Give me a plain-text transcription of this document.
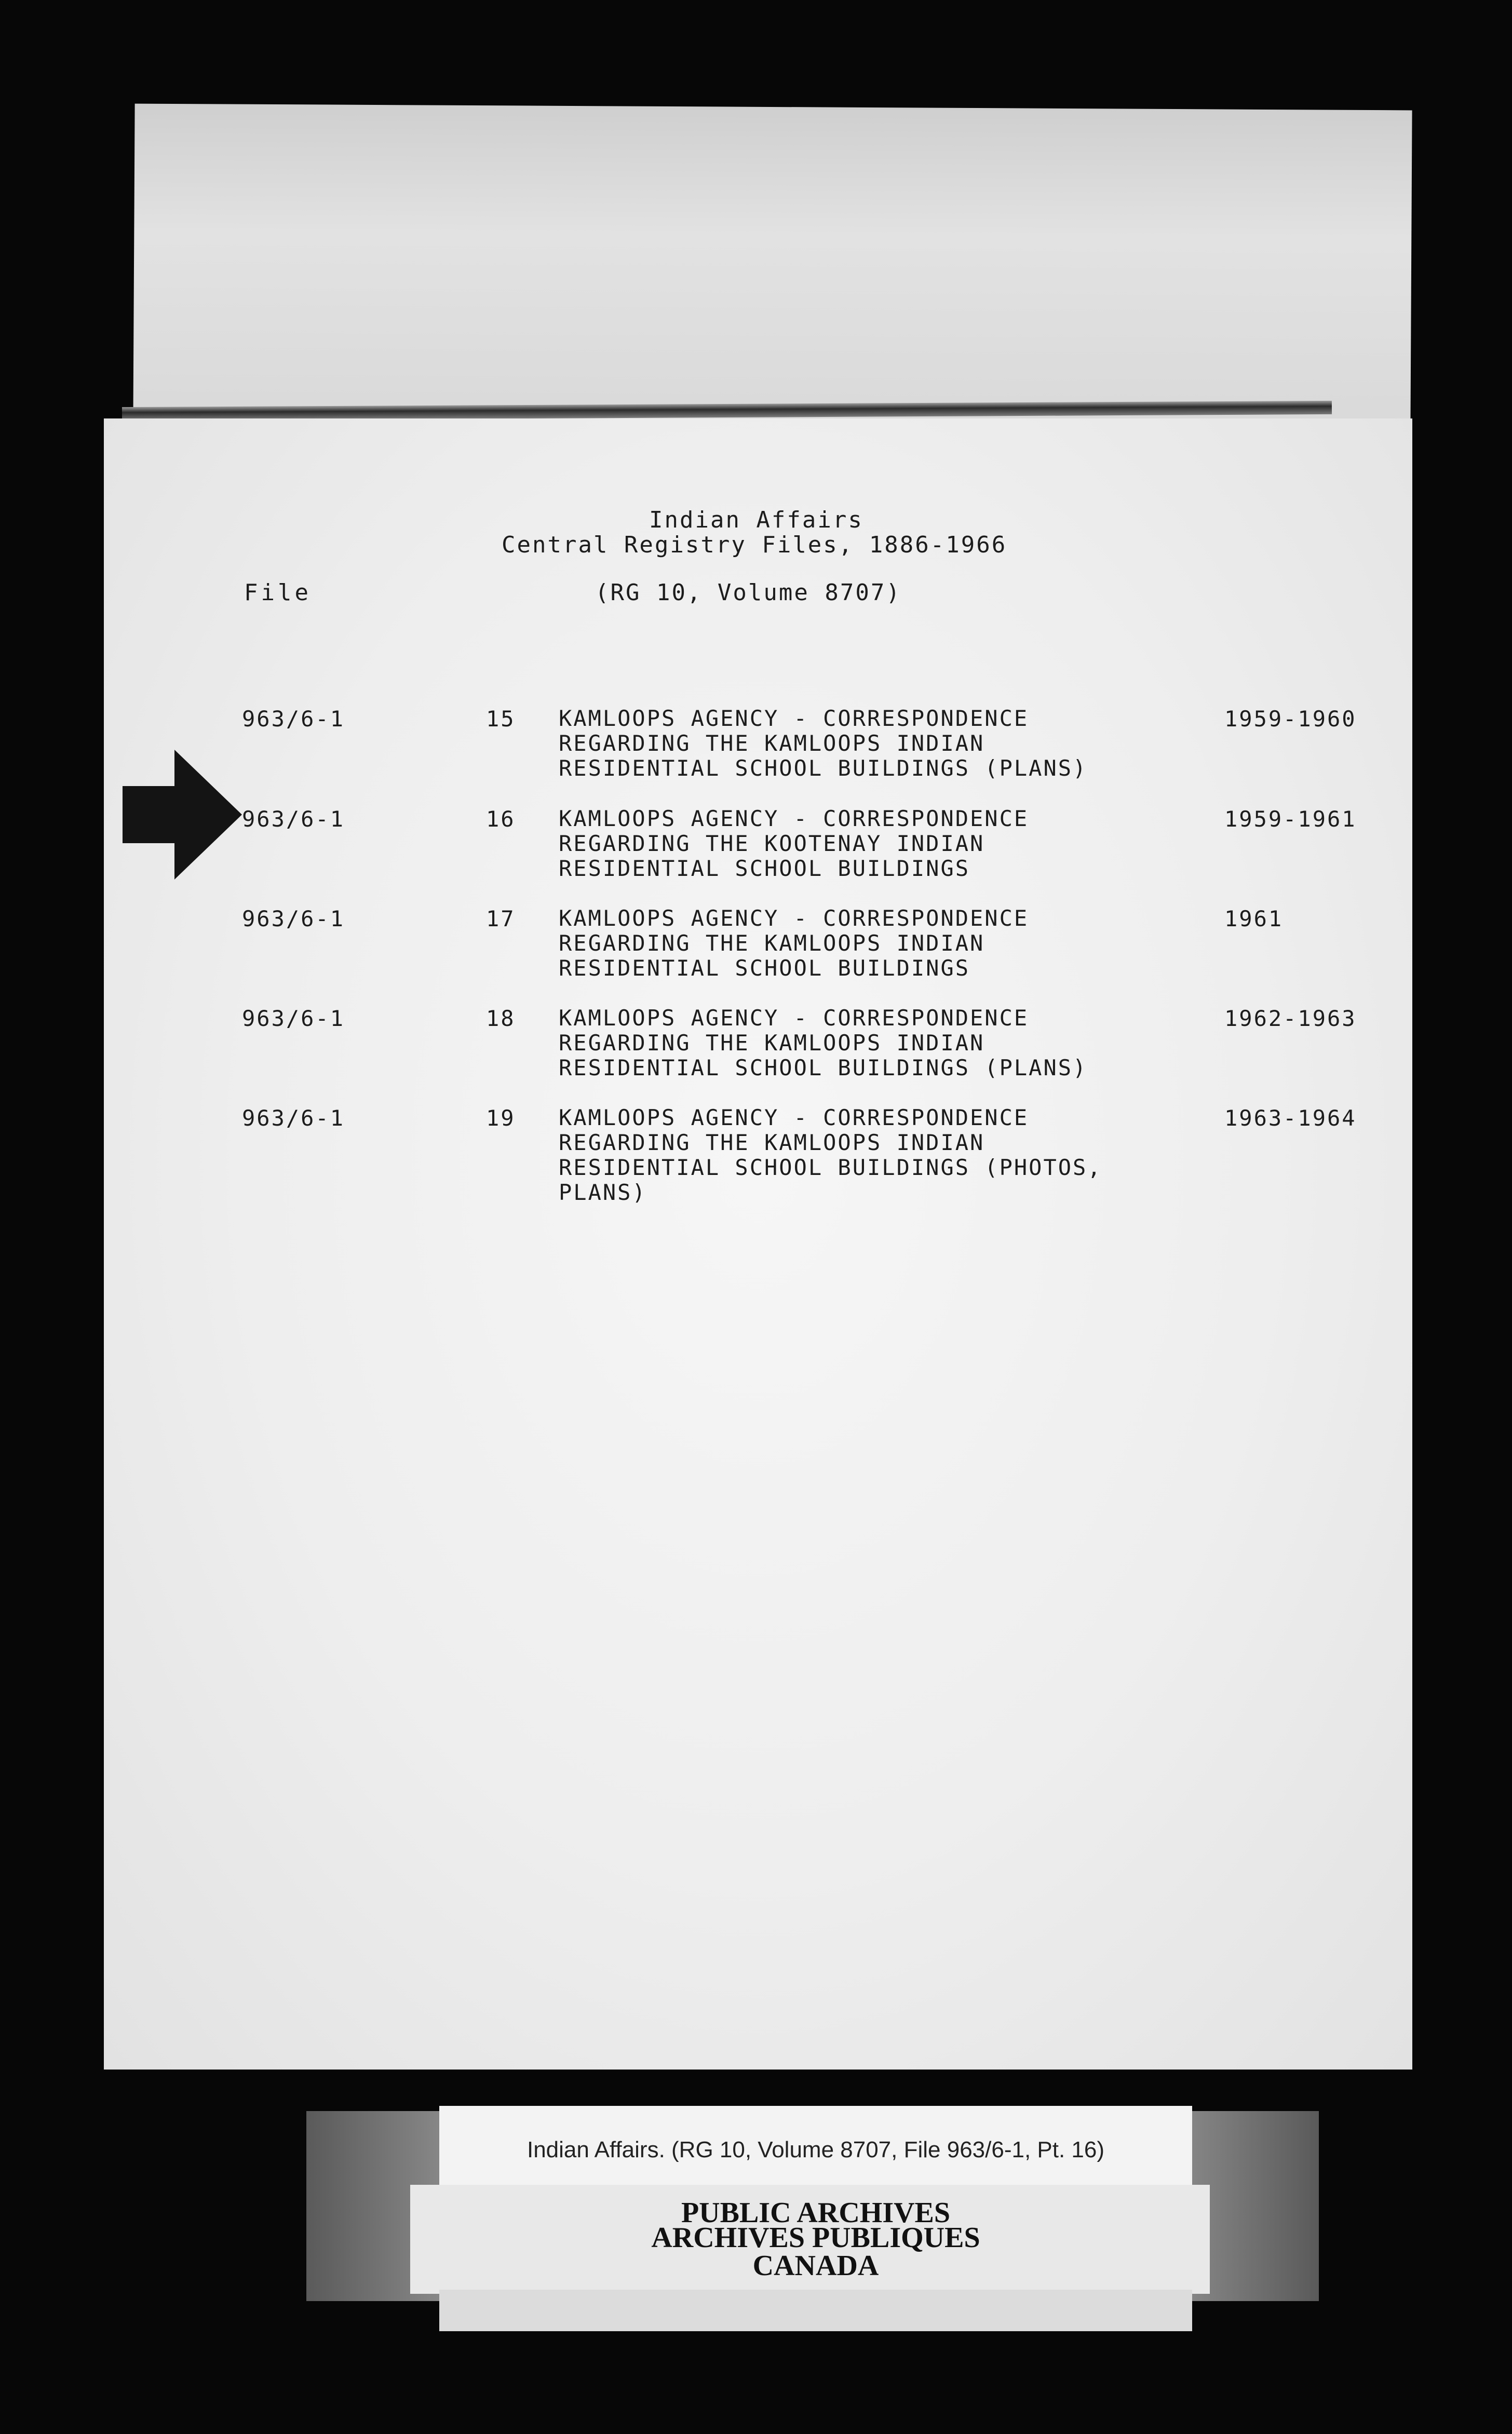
Indian Affairs
Central Registry Files, 1886-1966
(RG 10, Volume 8707)
File
963/6-1	15 KAMLOOPS AGENCY - CORRESPONDENCE
REGARDING THE KAMLOOPS INDIAN
RESIDENTIAL SCHOOL BUILDINGS (PLANS)
1959-1960
963/6-1	16 KAMLOOPS AGENCY - CORRESPONDENCE
REGARDING THE KOOTENAY INDIAN
RESIDENTIAL SCHOOL BUILDINGS
1959-1961
963/6-1	17 KAMLOOPS AGENCY - CORRESPONDENCE
REGARDING THE KAMLOOPS INDIAN
RESIDENTIAL SCHOOL BUILDINGS
1961
963/6-1	18 KAMLOOPS AGENCY - CORRESPONDENCE
REGARDING THE KAMLOOPS INDIAN
RESIDENTIAL SCHOOL BUILDINGS (PLANS)
1962-1963
963/6-1	19 KAMLOOPS AGENCY - CORRESPONDENCE
REGARDING THE KAMLOOPS INDIAN
RESIDENTIAL SCHOOL BUILDINGS (PHOTOS,
PLANS)
1963-1964
Indian Affairs. (RG 10, Volume 8707, File 963/6-1, Pt. 16)
PUBLIC ARCHIVES
ARCHIVES PUBLIQUES
CANADA
